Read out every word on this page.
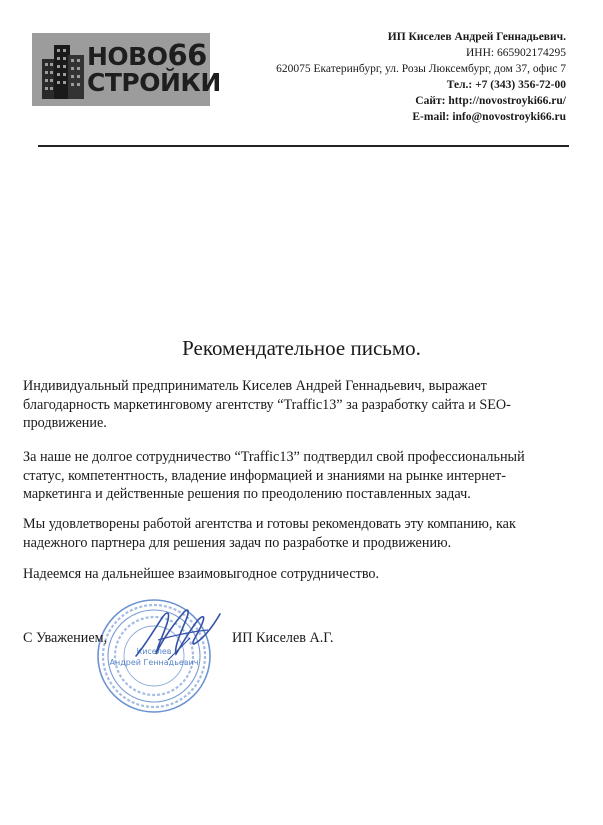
НОВО66
СТРОЙКИ
ИП Киселев Андрей Геннадьевич.
ИНН: 665902174295
620075 Екатеринбург, ул. Розы Люксембург, дом 37, офис 7
Тел.: +7 (343) 356-72-00
Сайт: http://novostroyki66.ru/
E-mail: info@novostroyki66.ru
Рекомендательное письмо.
Индивидуальный предприниматель Киселев Андрей Геннадьевич, выражает благодарность маркетинговому агентству “Traffic13” за разработку сайта и SEO-продвижение.
За наше не долгое сотрудничество “Traffic13” подтвердил свой профессиональный статус, компетентность, владение информацией и знаниями на рынке интернет-маркетинга и действенные решения по преодолению поставленных задач.
Мы удовлетворены работой агентства и готовы рекомендовать эту компанию, как надежного партнера для решения задач по разработке и продвижению.
Надеемся на дальнейшее взаимовыгодное сотрудничество.
Киселев
Андрей Геннадьевич
С Уважением,	ИП Киселев А.Г.
